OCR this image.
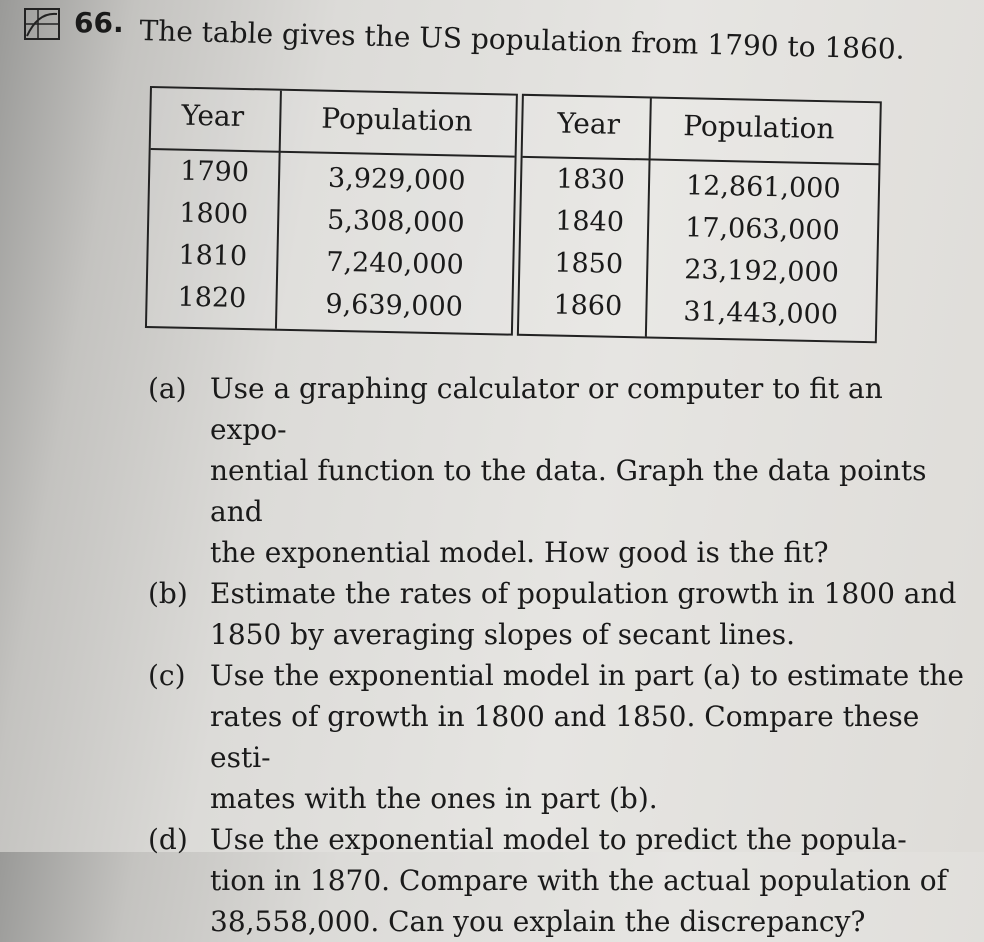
66. The table gives the US population from 1790 to 1860.
Year	Population
1790
1800
1810
1820
3,929,000
5,308,000
7,240,000
9,639,000
Year Population
1830
1840
1850
1860
12,861,000
17,063,000
23,192,000
31,443,000
(a) Use a graphing calculator or computer to fit an expo-
nential function to the data. Graph the data points and
the exponential model. How good is the fit?
(b) Estimate the rates of population growth in 1800 and
1850 by averaging slopes of secant lines.
(c) Use the exponential model in part (a) to estimate the
rates of growth in 1800 and 1850. Compare these esti-
mates with the ones in part (b).
(d) Use the exponential model to predict the popula-
tion in 1870. Compare with the actual population of
38,558,000. Can you explain the discrepancy?
